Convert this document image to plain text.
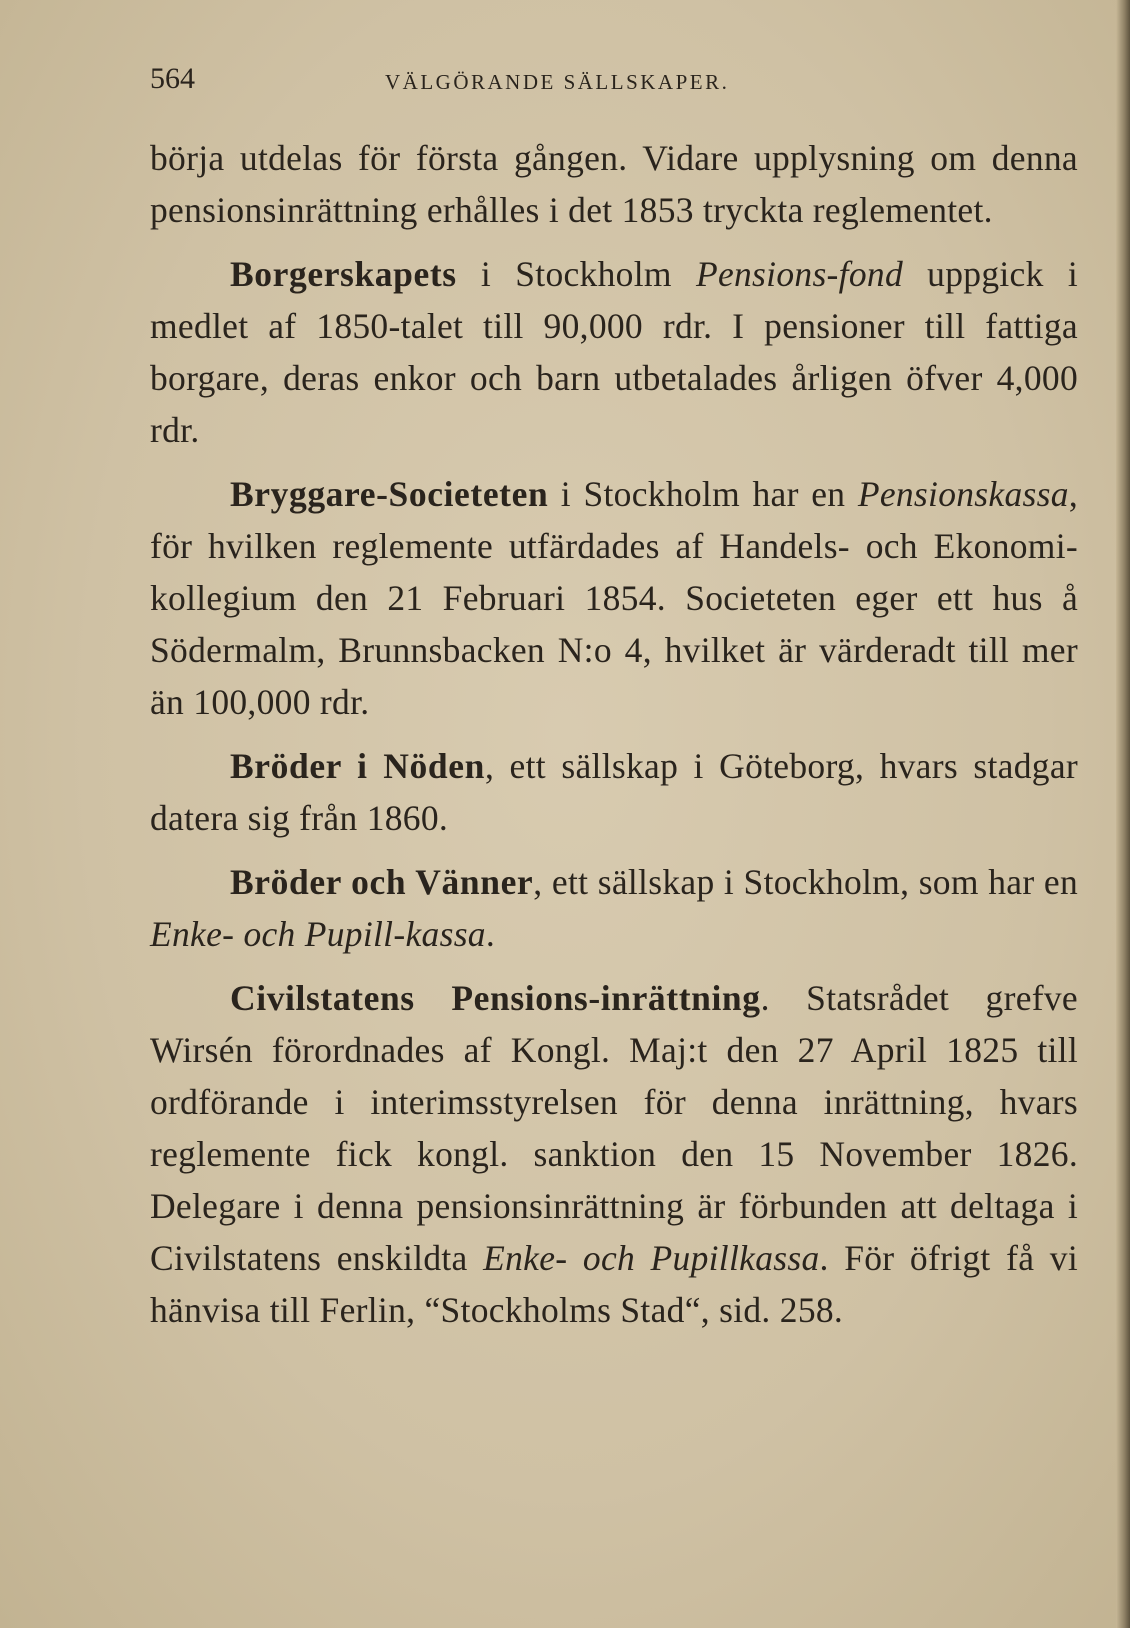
564	VÄLGÖRANDE SÄLLSKAPER.

börja utdelas för första gången. Vidare upplysning om denna pensionsinrättning erhålles i det 1853 tryckta reglementet.

Borgerskapets i Stockholm Pensions-fond uppgick i medlet af 1850-talet till 90,000 rdr. I pensioner till fattiga borgare, deras enkor och barn utbetalades årligen öfver 4,000 rdr.

Bryggare-Societeten i Stockholm har en Pensionskassa, för hvilken reglemente utfärdades af Handels- och Ekonomi-kollegium den 21 Februari 1854. Societeten eger ett hus å Södermalm, Brunnsbacken N:o 4, hvilket är värderadt till mer än 100,000 rdr.

Bröder i Nöden, ett sällskap i Göteborg, hvars stadgar datera sig från 1860.

Bröder och Vänner, ett sällskap i Stockholm, som har en Enke- och Pupill-kassa.

Civilstatens Pensions-inrättning. Statsrådet grefve Wirsén förordnades af Kongl. Maj:t den 27 April 1825 till ordförande i interimsstyrelsen för denna inrättning, hvars reglemente fick kongl. sanktion den 15 November 1826. Delegare i denna pensionsinrättning är förbunden att deltaga i Civilstatens enskildta Enke- och Pupillkassa. För öfrigt få vi hänvisa till Ferlin, “Stockholms Stad“, sid. 258.
